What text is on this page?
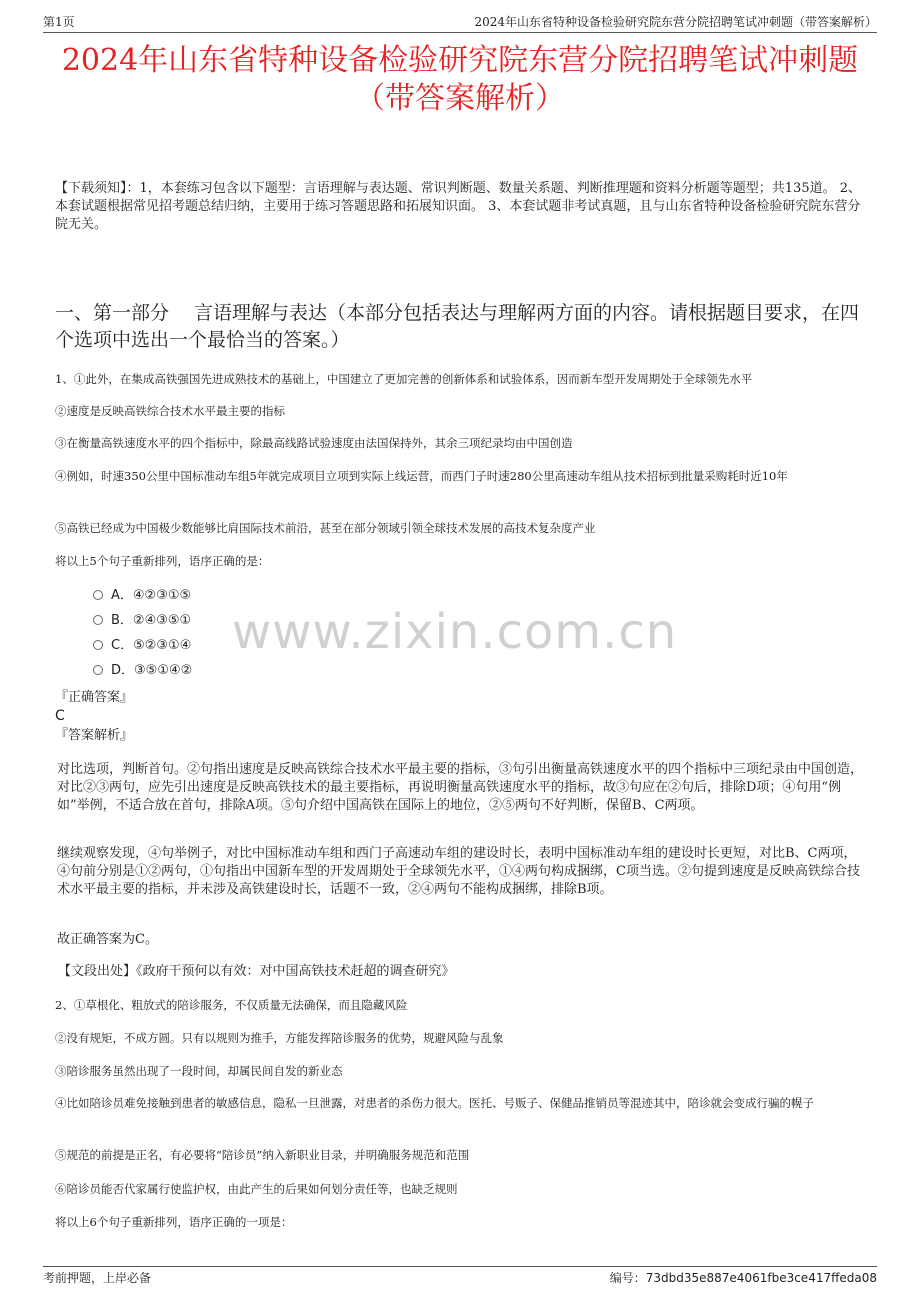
第1页	2024年山东省特种设备检验研究院东营分院招聘笔试冲刺题（带答案解析）
2024年山东省特种设备检验研究院东营分院招聘笔试冲刺题
（带答案解析）
【下载须知】：1，本套练习包含以下题型：言语理解与表达题、常识判断题、数量关系题、判断推理题和资料分析题等题型；共135道。 2、本套试题根据常见招考题总结归纳，主要用于练习答题思路和拓展知识面。 3、本套试题非考试真题，且与山东省特种设备检验研究院东营分院无关。
一、第一部分　 言语理解与表达（本部分包括表达与理解两方面的内容。请根据题目要求，在四个选项中选出一个最恰当的答案。）
1、①此外，在集成高铁强国先进成熟技术的基础上，中国建立了更加完善的创新体系和试验体系，因而新车型开发周期处于全球领先水平
②速度是反映高铁综合技术水平最主要的指标
③在衡量高铁速度水平的四个指标中，除最高线路试验速度由法国保持外，其余三项纪录均由中国创造
④例如，时速350公里中国标准动车组5年就完成项目立项到实际上线运营，而西门子时速280公里高速动车组从技术招标到批量采购耗时近10年
⑤高铁已经成为中国极少数能够比肩国际技术前沿，甚至在部分领域引领全球技术发展的高技术复杂度产业
将以上5个句子重新排列，语序正确的是：
www.zixin.com.cn
A．④②③①⑤
B．②④③⑤①
C．⑤②③①④
D．③⑤①④②
『正确答案』
C
『答案解析』
对比选项，判断首句。②句指出速度是反映高铁综合技术水平最主要的指标，③句引出衡量高铁速度水平的四个指标中三项纪录由中国创造，对比②③两句，应先引出速度是反映高铁技术的最主要指标，再说明衡量高铁速度水平的指标，故③句应在②句后，排除D项；④句用“例如”举例，不适合放在首句，排除A项。⑤句介绍中国高铁在国际上的地位，②⑤两句不好判断，保留B、C两项。
继续观察发现，④句举例子，对比中国标准动车组和西门子高速动车组的建设时长，表明中国标准动车组的建设时长更短，对比B、C两项，④句前分别是①②两句，①句指出中国新车型的开发周期处于全球领先水平，①④两句构成捆绑，C项当选。②句提到速度是反映高铁综合技术水平最主要的指标，并未涉及高铁建设时长，话题不一致，②④两句不能构成捆绑，排除B项。
故正确答案为C。
【文段出处】《政府干预何以有效：对中国高铁技术赶超的调查研究》
2、①草根化、粗放式的陪诊服务，不仅质量无法确保，而且隐藏风险
②没有规矩，不成方圆。只有以规则为推手，方能发挥陪诊服务的优势，规避风险与乱象
③陪诊服务虽然出现了一段时间，却属民间自发的新业态
④比如陪诊员难免接触到患者的敏感信息，隐私一旦泄露，对患者的杀伤力很大。医托、号贩子、保健品推销员等混迹其中，陪诊就会变成行骗的幌子
⑤规范的前提是正名，有必要将“陪诊员”纳入新职业目录，并明确服务规范和范围
⑥陪诊员能否代家属行使监护权，由此产生的后果如何划分责任等，也缺乏规则
将以上6个句子重新排列，语序正确的一项是：
考前押题，上岸必备	编号：73dbd35e887e4061fbe3ce417ffeda08
